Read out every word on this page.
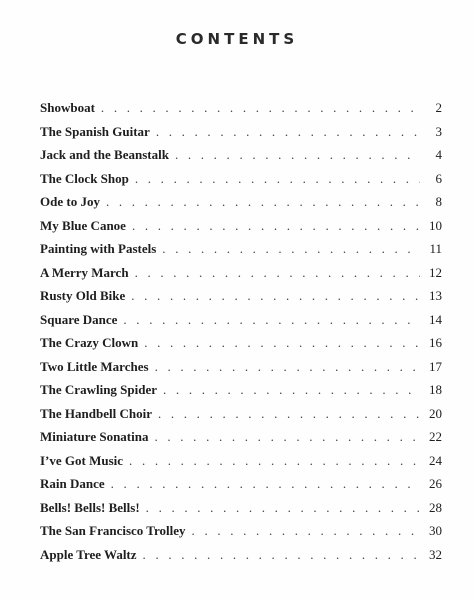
CONTENTS
Showboat . . .	2
The Spanish Guitar . . .	3
Jack and the Beanstalk . . .	4
The Clock Shop . . .	6
Ode to Joy . . .	8
My Blue Canoe . . .	10
Painting with Pastels . . .	11
A Merry March . . .	12
Rusty Old Bike . . .	13
Square Dance . . .	14
The Crazy Clown . . .	16
Two Little Marches . . .	17
The Crawling Spider . . .	18
The Handbell Choir . . .	20
Miniature Sonatina . . .	22
I’ve Got Music . . .	24
Rain Dance . . .	26
Bells! Bells! Bells! . . .	28
The San Francisco Trolley . . .	30
Apple Tree Waltz . . .	32
